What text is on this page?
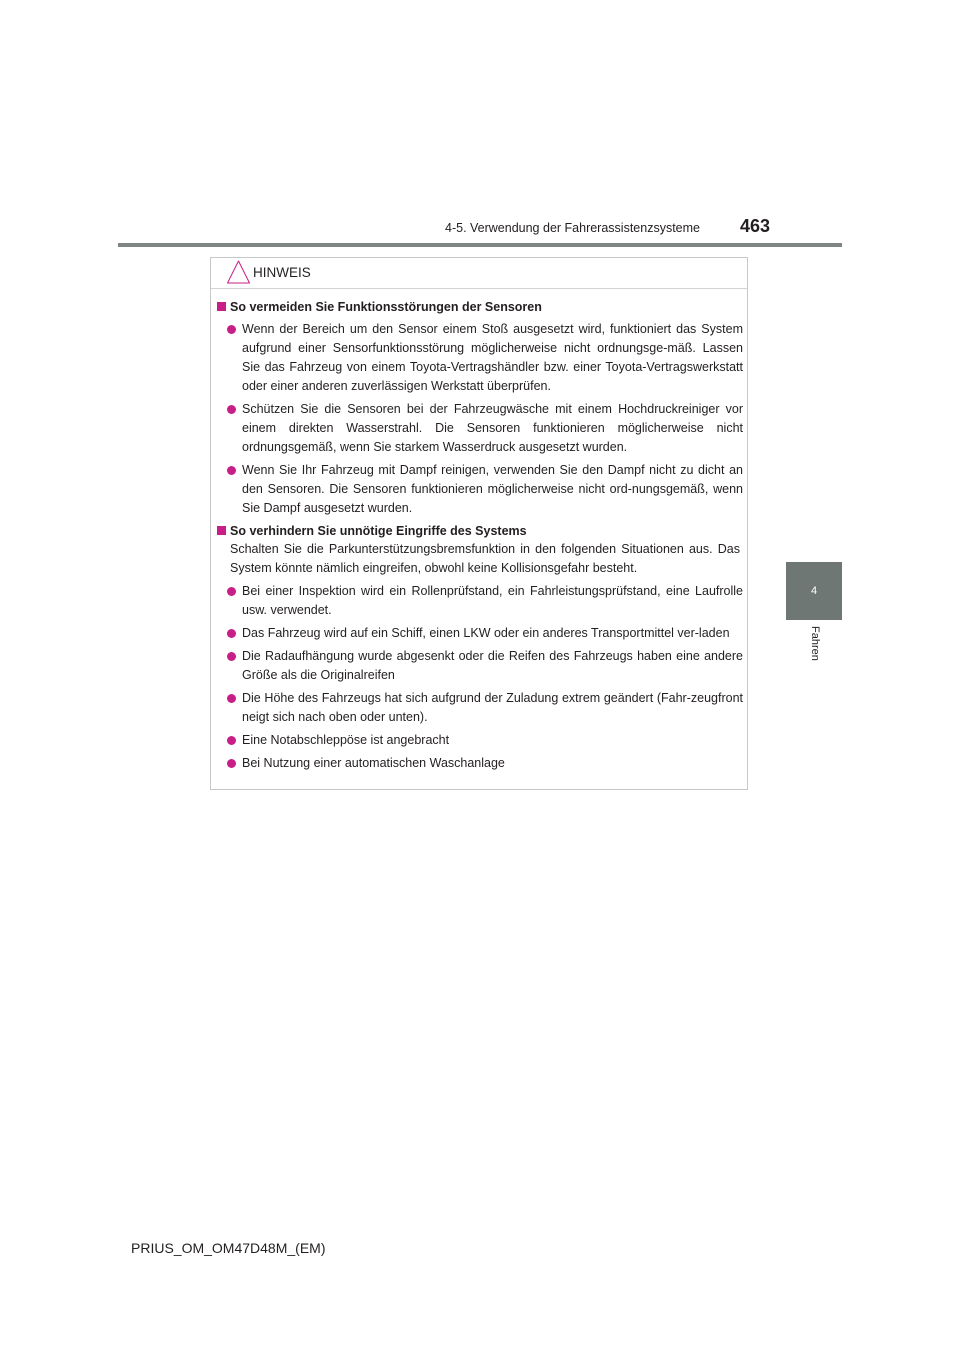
4-5. Verwendung der Fahrerassistenzsysteme 463
4
Fahren
HINWEIS
So vermeiden Sie Funktionsstörungen der Sensoren
Wenn der Bereich um den Sensor einem Stoß ausgesetzt wird, funktioniert das System aufgrund einer Sensorfunktionsstörung möglicherweise nicht ordnungsge-mäß. Lassen Sie das Fahrzeug von einem Toyota-Vertragshändler bzw. einer Toyota-Vertragswerkstatt oder einer anderen zuverlässigen Werkstatt überprüfen.
Schützen Sie die Sensoren bei der Fahrzeugwäsche mit einem Hochdruckreiniger vor einem direkten Wasserstrahl. Die Sensoren funktionieren möglicherweise nicht ordnungsgemäß, wenn Sie starkem Wasserdruck ausgesetzt wurden.
Wenn Sie Ihr Fahrzeug mit Dampf reinigen, verwenden Sie den Dampf nicht zu dicht an den Sensoren. Die Sensoren funktionieren möglicherweise nicht ord-nungsgemäß, wenn Sie Dampf ausgesetzt wurden.
So verhindern Sie unnötige Eingriffe des Systems
Schalten Sie die Parkunterstützungsbremsfunktion in den folgenden Situationen aus. Das System könnte nämlich eingreifen, obwohl keine Kollisionsgefahr besteht.
Bei einer Inspektion wird ein Rollenprüfstand, ein Fahrleistungsprüfstand, eine Laufrolle usw. verwendet.
Das Fahrzeug wird auf ein Schiff, einen LKW oder ein anderes Transportmittel ver-laden
Die Radaufhängung wurde abgesenkt oder die Reifen des Fahrzeugs haben eine andere Größe als die Originalreifen
Die Höhe des Fahrzeugs hat sich aufgrund der Zuladung extrem geändert (Fahr-zeugfront neigt sich nach oben oder unten).
Eine Notabschleppöse ist angebracht
Bei Nutzung einer automatischen Waschanlage
PRIUS_OM_OM47D48M_(EM)
